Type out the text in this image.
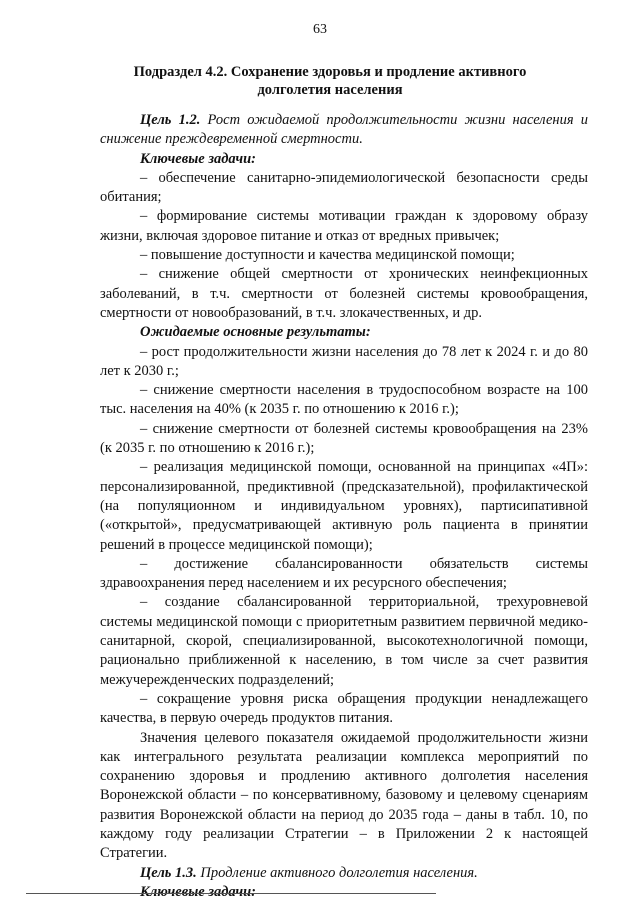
63
Подраздел 4.2. Сохранение здоровья и продление активного долголетия населения

Цель 1.2. Рост ожидаемой продолжительности жизни населения и снижение преждевременной смертности.

Ключевые задачи:

– обеспечение санитарно-эпидемиологической безопасности среды обитания;

– формирование системы мотивации граждан к здоровому образу жизни, включая здоровое питание и отказ от вредных привычек;

– повышение доступности и качества медицинской помощи;

– снижение общей смертности от хронических неинфекционных заболеваний, в т.ч. смертности от болезней системы кровообращения, смертности от новообразований, в т.ч. злокачественных, и др.

Ожидаемые основные результаты:

– рост продолжительности жизни населения до 78 лет к 2024 г. и до 80 лет к 2030 г.;

– снижение смертности населения в трудоспособном возрасте на 100 тыс. населения на 40% (к 2035 г. по отношению к 2016 г.);

– снижение смертности от болезней системы кровообращения на 23% (к 2035 г. по отношению к 2016 г.);

– реализация медицинской помощи, основанной на принципах «4П»: персонализированной, предиктивной (предсказательной), профилактической (на популяционном и индивидуальном уровнях), партисипативной («открытой», предусматривающей активную роль пациента в принятии решений в процессе медицинской помощи);

– достижение сбалансированности обязательств системы здравоохранения перед населением и их ресурсного обеспечения;

– создание сбалансированной территориальной, трехуровневой системы медицинской помощи с приоритетным развитием первичной медико-санитарной, скорой, специализированной, высокотехнологичной помощи, рационально приближенной к населению, в том числе за счет развития межучережденческих подразделений;

– сокращение уровня риска обращения продукции ненадлежащего качества, в первую очередь продуктов питания.

Значения целевого показателя ожидаемой продолжительности жизни как интегрального результата реализации комплекса мероприятий по сохранению здоровья и продлению активного долголетия населения Воронежской области – по консервативному, базовому и целевому сценариям развития Воронежской области на период до 2035 года – даны в табл. 10, по каждому году реализации Стратегии – в Приложении 2 к настоящей Стратегии.

Цель 1.3. Продление активного долголетия населения.

Ключевые задачи:
